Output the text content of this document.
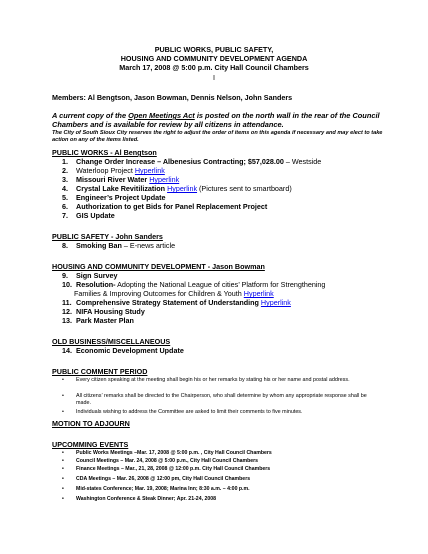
PUBLIC WORKS, PUBLIC SAFETY,
HOUSING AND COMMUNITY DEVELOPMENT AGENDA
March 17, 2008 @ 5:00 p.m. City Hall Council Chambers
I
Members: Al Bengtson, Jason Bowman, Dennis Nelson, John Sanders
A current copy of the Open Meetings Act is posted on the north wall in the rear of the Council Chambers and is available for review by all citizens in attendance.
The City of South Sioux City reserves the right to adjust the order of items on this agenda if necessary and may elect to take action on any of the items listed.
PUBLIC WORKS - Al Bengtson
1. Change Order Increase – Albenesius Contracting; $57,028.00 – Westside
2. Waterloop Project Hyperlink
3. Missouri River Water Hyperlink
4. Crystal Lake Revitilization Hyperlink (Pictures sent to smartboard)
5. Engineer’s Project Update
6. Authorization to get Bids for Panel Replacement Project
7. GIS Update
PUBLIC SAFETY - John Sanders
8. Smoking Ban – E-news article
HOUSING AND COMMUNITY DEVELOPMENT - Jason Bowman
9. Sign Survey
10. Resolution- Adopting the National League of cities’ Platform for Strengthening
Families & Improving Outcomes for Children & Youth Hyperlink
11. Comprehensive Strategy Statement of Understanding Hyperlink
12. NIFA Housing Study
13. Park Master Plan
OLD BUSINESS/MISCELLANEOUS
14. Economic Development Update
PUBLIC COMMENT PERIOD
• Every citizen speaking at the meeting shall begin his or her remarks by stating his or her name and postal address.
• All citizens’ remarks shall be directed to the Chairperson, who shall determine by whom any appropriate response shall be made.
• Individuals wishing to address the Committee are asked to limit their comments to five minutes.
MOTION TO ADJOURN
UPCOMMING EVENTS
• Public Works Meetings –Mar. 17, 2008 @ 5:00 p.m. , City Hall Council Chambers
• Council Meetings – Mar. 24, 2008 @ 5:00 p.m., City Hall Council Chambers
• Finance Meetings – Mar., 21, 28, 2008 @ 12:00 p.m. City Hall Council Chambers
• CDA Meetings – Mar. 26, 2008 @ 12:00 pm, City Hall Council Chambers
• Mid-states Conference; Mar. 19, 2008; Marina Inn; 8:30 a.m. – 4:00 p.m.
• Washington Conference & Steak Dinner; Apr. 21-24, 2008
